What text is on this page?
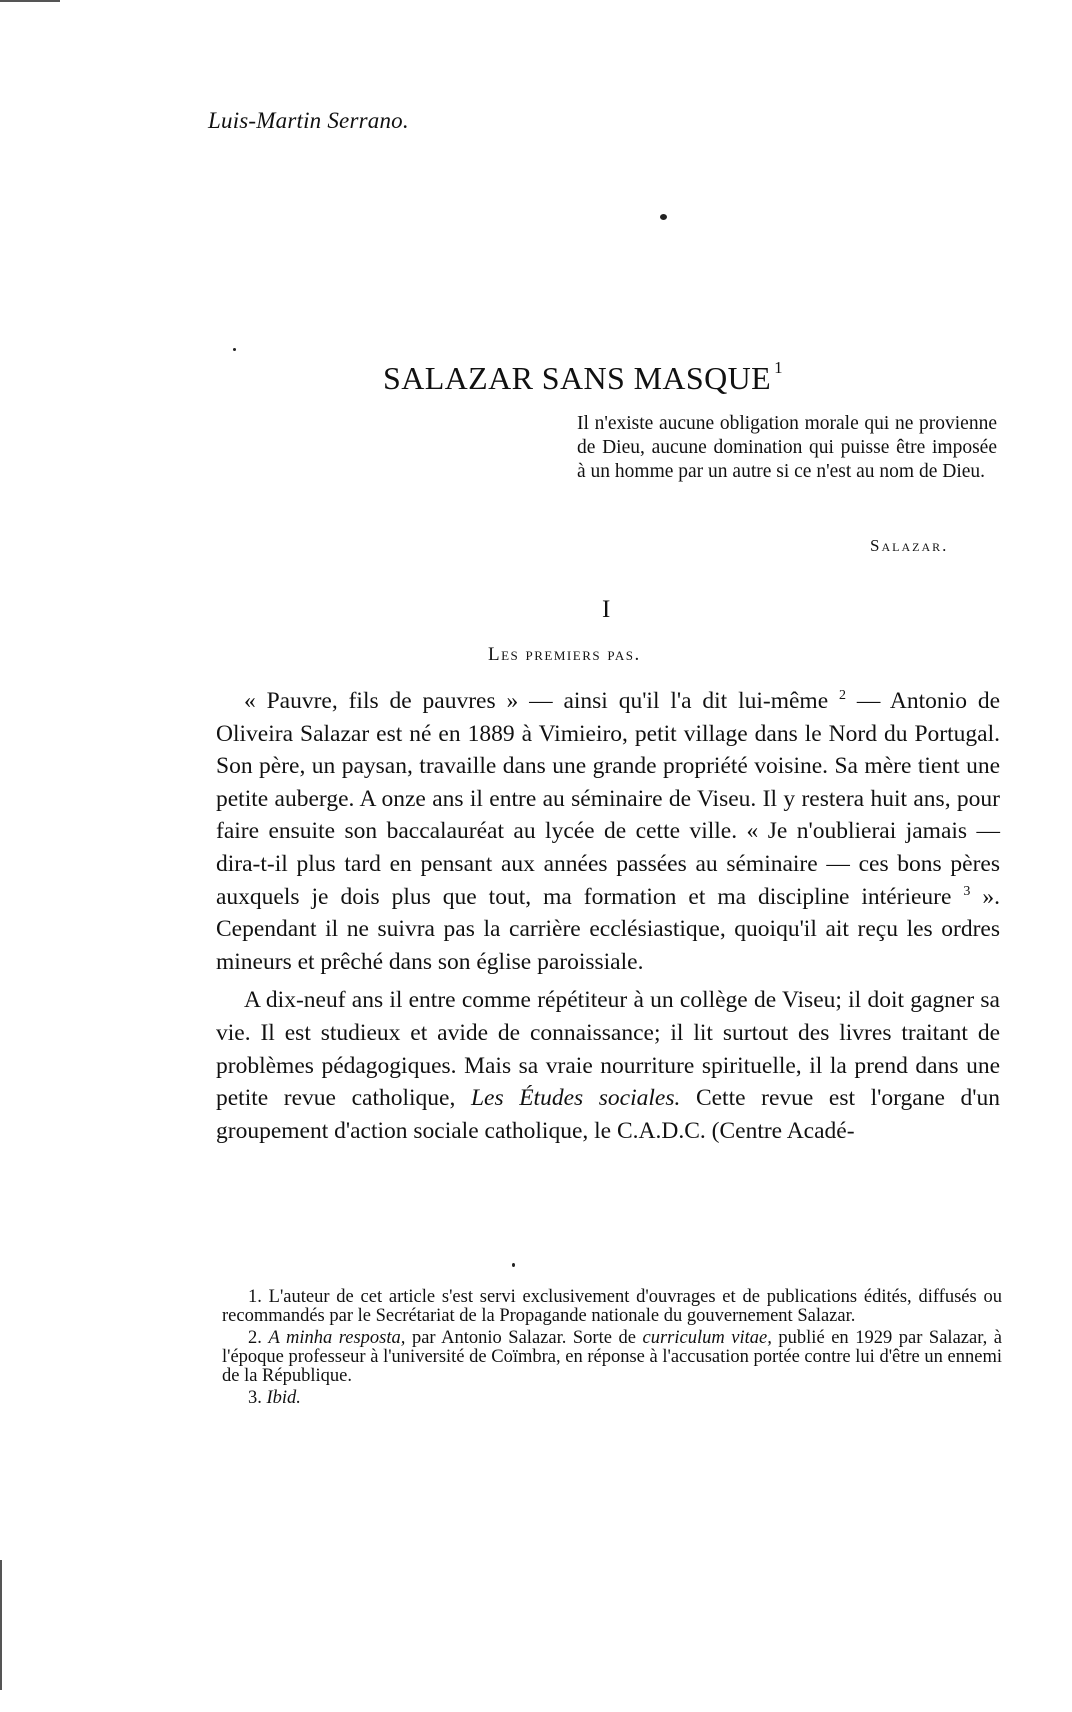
Luis-Martin Serrano.
SALAZAR SANS MASQUE $^1$
Il n'existe aucune obligation morale qui ne provienne de Dieu, aucune domination qui puisse être imposée à un homme par un autre si ce n'est au nom de Dieu.
Salazar.
I
Les premiers pas.

« Pauvre, fils de pauvres » — ainsi qu'il l'a dit lui-même $^2$ — Antonio de Oliveira Salazar est né en 1889 à Vimieiro, petit village dans le Nord du Portugal. Son père, un paysan, travaille dans une grande propriété voisine. Sa mère tient une petite auberge. A onze ans il entre au séminaire de Viseu. Il y restera huit ans, pour faire ensuite son baccalauréat au lycée de cette ville. « Je n'oublierai jamais — dira-t-il plus tard en pensant aux années passées au séminaire — ces bons pères auxquels je dois plus que tout, ma formation et ma discipline intérieure $^3$ ». Cependant il ne suivra pas la carrière ecclésiastique, quoiqu'il ait reçu les ordres mineurs et prêché dans son église paroissiale.

A dix-neuf ans il entre comme répétiteur à un collège de Viseu; il doit gagner sa vie. Il est studieux et avide de connaissance; il lit surtout des livres traitant de problèmes pédagogiques. Mais sa vraie nourriture spirituelle, il la prend dans une petite revue catholique, Les Études sociales. Cette revue est l'organe d'un groupement d'action sociale catholique, le C.A.D.C. (Centre Acadé-

1. L'auteur de cet article s'est servi exclusivement d'ouvrages et de publications édités, diffusés ou recommandés par le Secrétariat de la Propagande nationale du gouvernement Salazar.

2. A minha resposta, par Antonio Salazar. Sorte de curriculum vitae, publié en 1929 par Salazar, à l'époque professeur à l'université de Coïmbra, en réponse à l'accusation portée contre lui d'être un ennemi de la République.

3. Ibid.
